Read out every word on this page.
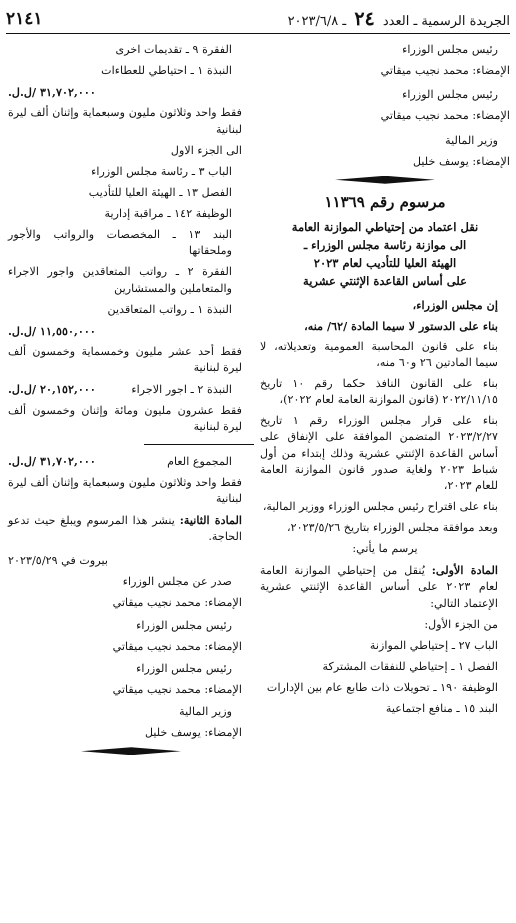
٢١٤١	الجريدة الرسمية ـ العدد ٢٤ ـ ٢٠٢٣/٦/٨

رئيس مجلس الوزراء

الإمضاء: محمد نجيب ميقاتي

رئيس مجلس الوزراء

الإمضاء: محمد نجيب ميقاتي

وزير المالية

الإمضاء: يوسف خليل

مرسوم رقم ١١٣٦٩
نقل اعتماد من إحتياطي الموازنة العامة
الى موازنة رئاسة مجلس الوزراء ـ
الهيئة العليا للتأديب لعام ٢٠٢٣
على أساس القاعدة الإثنتي عشرية

إن مجلس الوزراء،

بناء على الدستور لا سيما المادة /٦٢/ منه،

بناء على قانون المحاسبة العمومية وتعديلاته، لا سيما المادتين ٢٦ و٦٠ منه،

بناء على القانون النافذ حكما رقم ١٠ تاريخ ٢٠٢٢/١١/١٥ (قانون الموازنة العامة لعام ٢٠٢٢)،

بناء على قرار مجلس الوزراء رقم ١ تاريخ ٢٠٢٣/٢/٢٧ المتضمن الموافقة على الإنفاق على أساس القاعدة الإثنتي عشرية وذلك إبتداء من أول شباط ٢٠٢٣ ولغاية صدور قانون الموازنة العامة للعام ٢٠٢٣،

بناء على اقتراح رئيس مجلس الوزراء ووزير المالية،

وبعد موافقة مجلس الوزراء بتاريخ ٢٠٢٣/٥/٢٦،

يرسم ما يأتي:

المادة الأولى: يُنقل من إحتياطي الموازنة العامة لعام ٢٠٢٣ على أساس القاعدة الإثنتي عشرية الإعتماد التالي:

من الجزء الأول:

الباب ٢٧ ـ إحتياطي الموازنة

الفصل ١ ـ إحتياطي للنفقات المشتركة

الوظيفة ١٩٠ ـ تحويلات ذات طابع عام بين الإدارات

البند ١٥ ـ منافع اجتماعية

الفقرة ٩ ـ تقديمات اخرى

النبذة ١ ـ احتياطي للعطاءات

٣١,٧٠٢,٠٠٠ /ل.ل.

فقط واحد وثلاثون مليون وسبعماية وإثنان ألف ليرة لبنانية

الى الجزء الاول

الباب ٣ ـ رئاسة مجلس الوزراء

الفصل ١٣ ـ الهيئة العليا للتأديب

الوظيفة ١٤٢ ـ مراقبة إدارية

البند ١٣ ـ المخصصات والرواتب والأجور وملحقاتها

الفقرة ٢ ـ رواتب المتعاقدين واجور الاجراء والمتعاملين والمستشارين

النبذة ١ ـ رواتب المتعاقدين

١١,٥٥٠,٠٠٠ /ل.ل.

فقط أحد عشر مليون وخمسماية وخمسون ألف ليرة لبنانية

النبذة ٢ ـ اجور الاجراء
٢٠,١٥٢,٠٠٠ /ل.ل.

فقط عشرون مليون ومائة وإثنان وخمسون ألف ليرة لبنانية

المجموع العام
٣١,٧٠٢,٠٠٠ /ل.ل.

فقط واحد وثلاثون مليون وسبعماية وإثنان ألف ليرة لبنانية

المادة الثانية: ينشر هذا المرسوم ويبلغ حيث تدعو الحاجة.

بيروت في ٢٠٢٣/٥/٢٩

صدر عن مجلس الوزراء

الإمضاء: محمد نجيب ميقاتي

رئيس مجلس الوزراء

الإمضاء: محمد نجيب ميقاتي

رئيس مجلس الوزراء

الإمضاء: محمد نجيب ميقاتي

وزير المالية

الإمضاء: يوسف خليل
